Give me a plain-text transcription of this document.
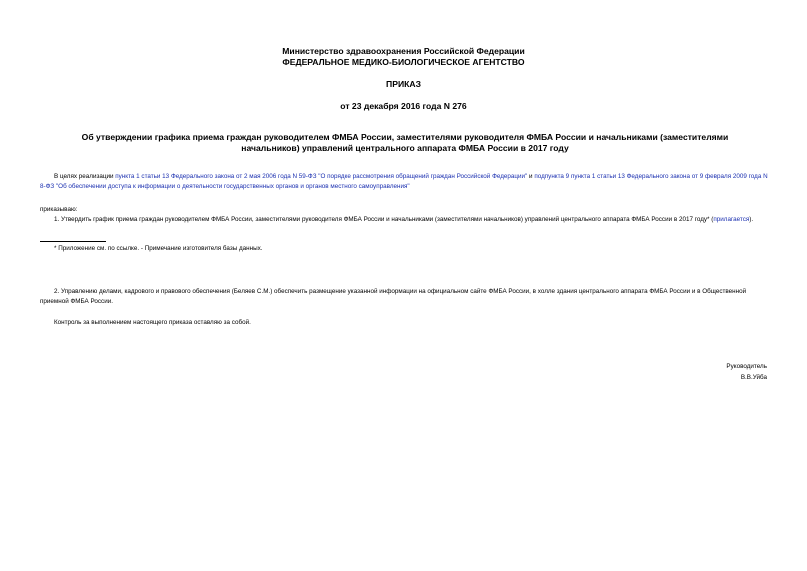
Министерство здравоохранения Российской Федерации
ФЕДЕРАЛЬНОЕ МЕДИКО-БИОЛОГИЧЕСКОЕ АГЕНТСТВО
ПРИКАЗ
от 23 декабря 2016 года N 276
Об утверждении графика приема граждан руководителем ФМБА России, заместителями руководителя ФМБА России и начальниками (заместителями
начальников) управлений центрального аппарата ФМБА России в 2017 году
В целях реализации пункта 1 статьи 13 Федерального закона от 2 мая 2006 года N 59-ФЗ "О порядке рассмотрения обращений граждан Российской Федерации" и подпункта 9 пункта 1 статьи 13 Федерального закона от 9 февраля 2009 года N 8-ФЗ "Об обеспечении доступа к информации о деятельности государственных органов и органов местного самоуправления"
приказываю:
1. Утвердить график приема граждан руководителем ФМБА России, заместителями руководителя ФМБА России и начальниками (заместителями начальников) управлений центрального аппарата ФМБА России в 2017 году* (прилагается).
* Приложение см. по ссылке. - Примечание изготовителя базы данных.
2. Управлению делами, кадрового и правового обеспечения (Беляев С.М.) обеспечить размещение указанной информации на официальном сайте ФМБА России, в холле здания центрального аппарата ФМБА России и в Общественной приемной ФМБА России.
Контроль за выполнением настоящего приказа оставляю за собой.
Руководитель
В.В.Уйба
